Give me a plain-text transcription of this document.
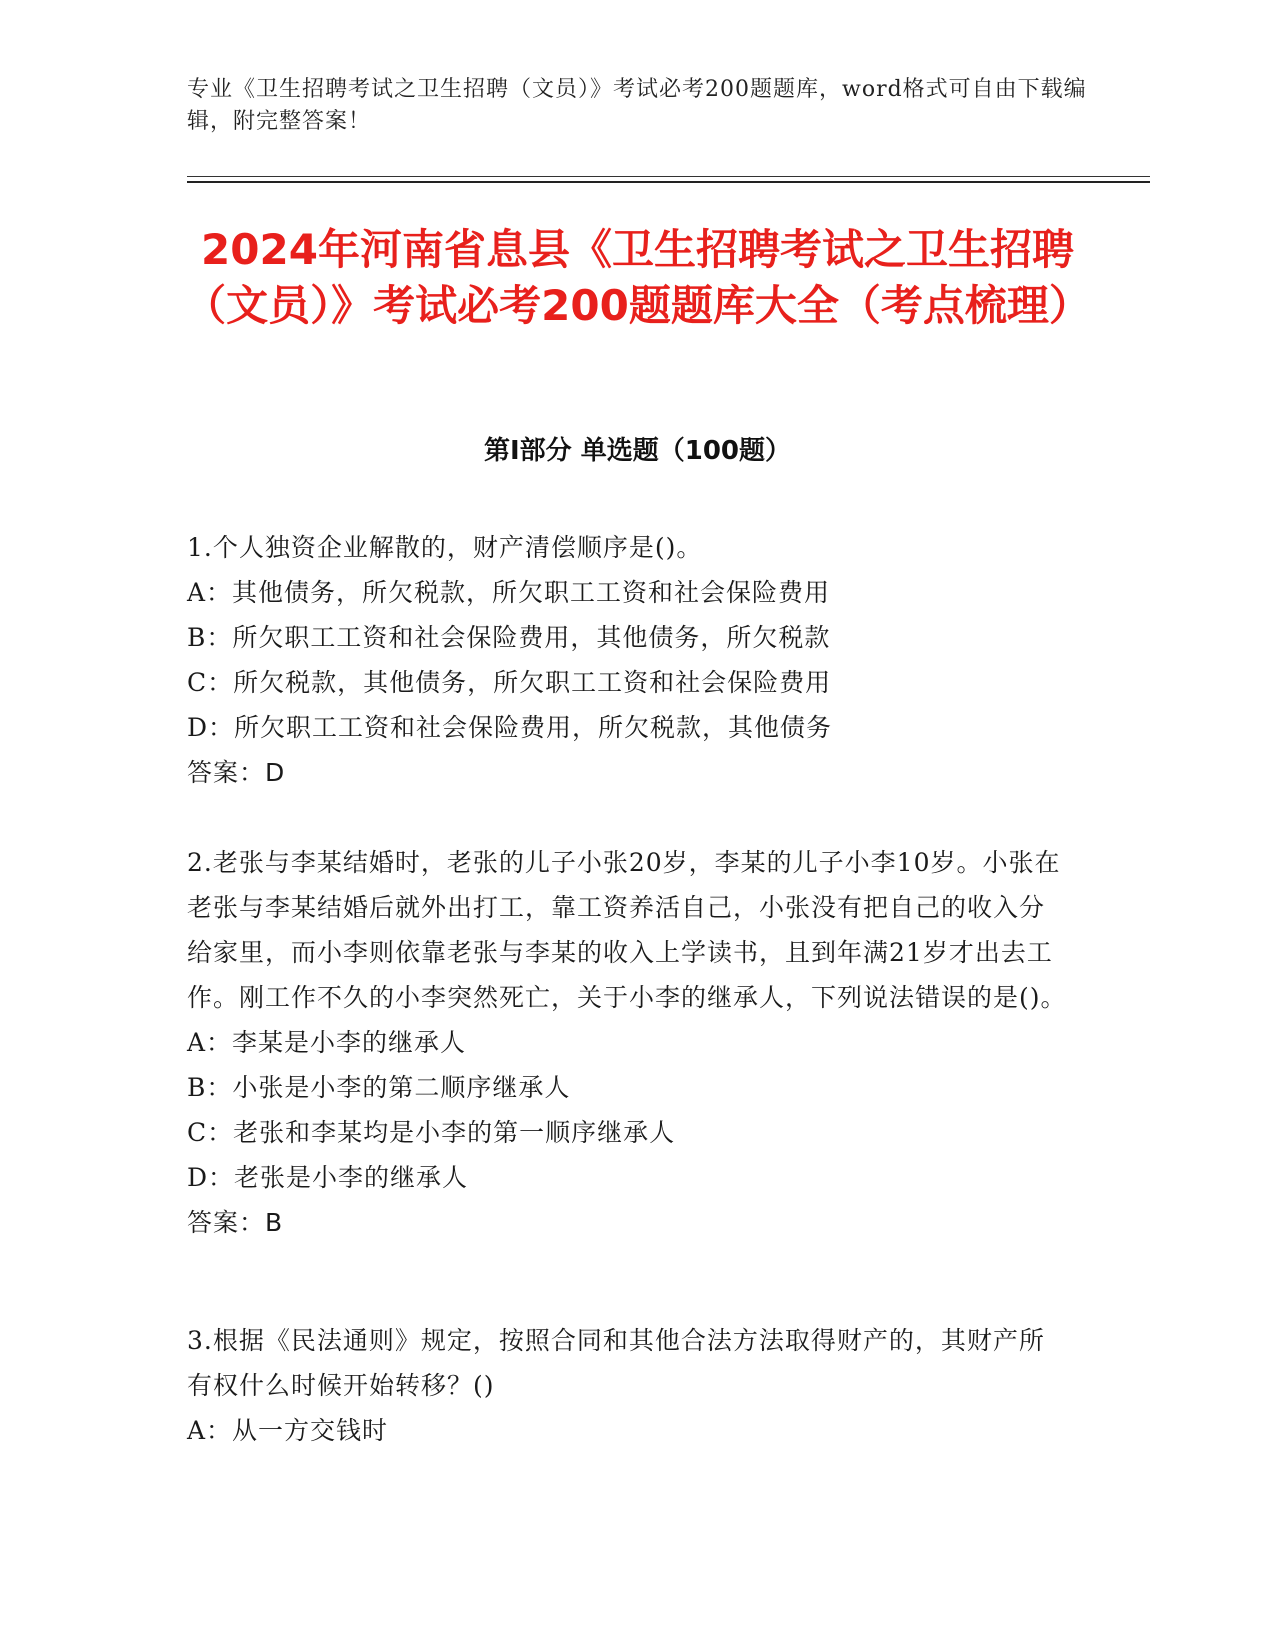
专业《卫生招聘考试之卫生招聘（文员）》考试必考200题题库，word格式可自由下载编辑，附完整答案！
2024年河南省息县《卫生招聘考试之卫生招聘（文员）》考试必考200题题库大全（考点梳理）
第Ⅰ部分 单选题（100题）

1.个人独资企业解散的，财产清偿顺序是()。

A：其他债务，所欠税款，所欠职工工资和社会保险费用

B：所欠职工工资和社会保险费用，其他债务，所欠税款

C：所欠税款，其他债务，所欠职工工资和社会保险费用

D：所欠职工工资和社会保险费用，所欠税款，其他债务

答案：D

2.老张与李某结婚时，老张的儿子小张20岁，李某的儿子小李10岁。小张在老张与李某结婚后就外出打工，靠工资养活自己，小张没有把自己的收入分给家里，而小李则依靠老张与李某的收入上学读书，且到年满21岁才出去工作。刚工作不久的小李突然死亡，关于小李的继承人，下列说法错误的是()。

A：李某是小李的继承人

B：小张是小李的第二顺序继承人

C：老张和李某均是小李的第一顺序继承人

D：老张是小李的继承人

答案：B

3.根据《民法通则》规定，按照合同和其他合法方法取得财产的，其财产所有权什么时候开始转移？()

A：从一方交钱时
